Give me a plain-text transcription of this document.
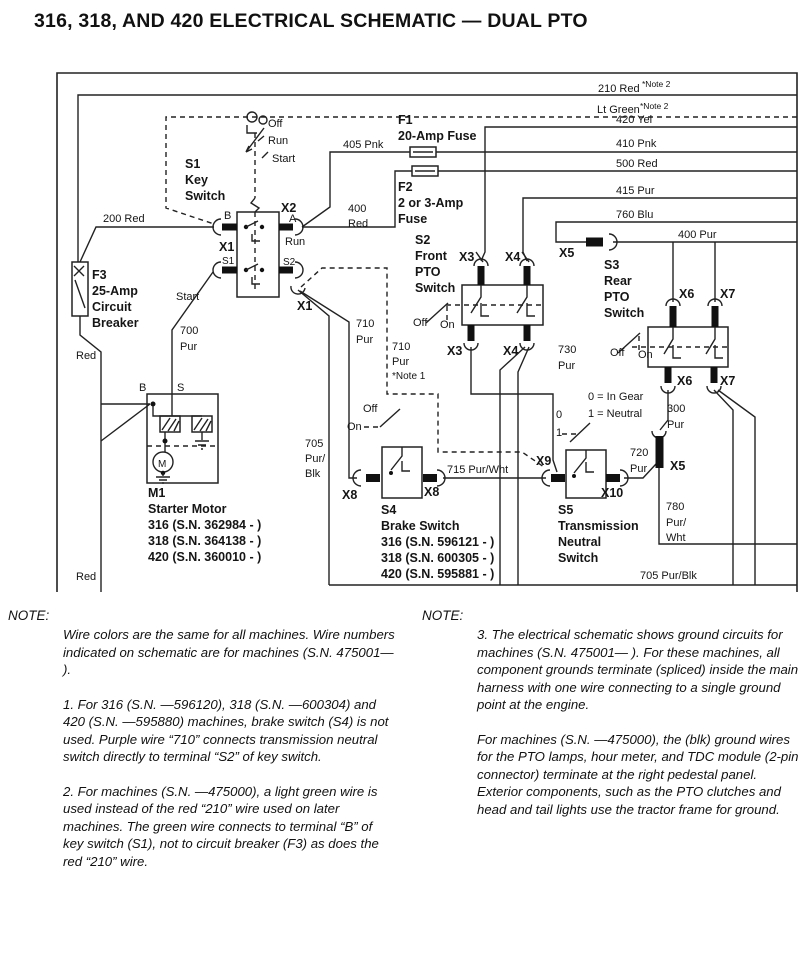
316, 318, AND 420 ELECTRICAL SCHEMATIC — DUAL PTO
210 Red *Note 2
Lt Green *Note 2
420 Yel
410 Pnk
500 Red
415 Pur
760 Blu
400 Pur
405 Pnk
F1
20-Amp Fuse
F2
2 or 3-Amp
Fuse
S1
Key
Switch
Off
Run
Start
200 Red	B
X2
A
Run
400
Red
X1
S1	S2
Start
X1
F3
25-Amp
Circuit
Breaker
Red
700
Pur
710
Pur
710
Pur
*Note 1
705
Pur/
Blk
B	S
M
M1
Starter Motor
316 (S.N. 362984 - )
318 (S.N. 364138 - )
420 (S.N. 360010 - )
Red
S2
Front
PTO
Switch
X3 X4
Off On
X3	X4	730
Pur
X5
S3
Rear
PTO
Switch
X6 X7
Off On
X6 X7
0 = In Gear
1 = Neutral 300
Pur
0
1
X9
X10
720
Pur X5
780
Pur/
Wht
Off
On
X8	X8
715 Pur/Wht
S4
Brake Switch
316 (S.N. 596121 - )
318 (S.N. 600305 - )
420 (S.N. 595881 - )
S5
Transmission
Neutral
Switch
705 Pur/Blk
NOTE:

Wire colors are the same for all machines. Wire numbers indicated on schematic are for machines (S.N. 475001— ).

1. For 316 (S.N. —596120), 318 (S.N. —600304) and 420 (S.N. —595880) machines, brake switch (S4) is not used. Purple wire “710” connects transmission neutral switch directly to terminal “S2” of key switch.

2. For machines (S.N. —475000), a light green wire is used instead of the red “210” wire used on later machines. The green wire connects to terminal “B” of key switch (S1), not to circuit breaker (F3) as does the red “210” wire.

NOTE:

3. The electrical schematic shows ground circuits for machines (S.N. 475001— ). For these machines, all component grounds terminate (spliced) inside the main harness with one wire connecting to a single ground point at the engine.

For machines (S.N. —475000), the (blk) ground wires for the PTO lamps, hour meter, and TDC module (2-pin connector) terminate at the right pedestal panel. Exterior components, such as the PTO clutches and head and tail lights use the tractor frame for ground.
